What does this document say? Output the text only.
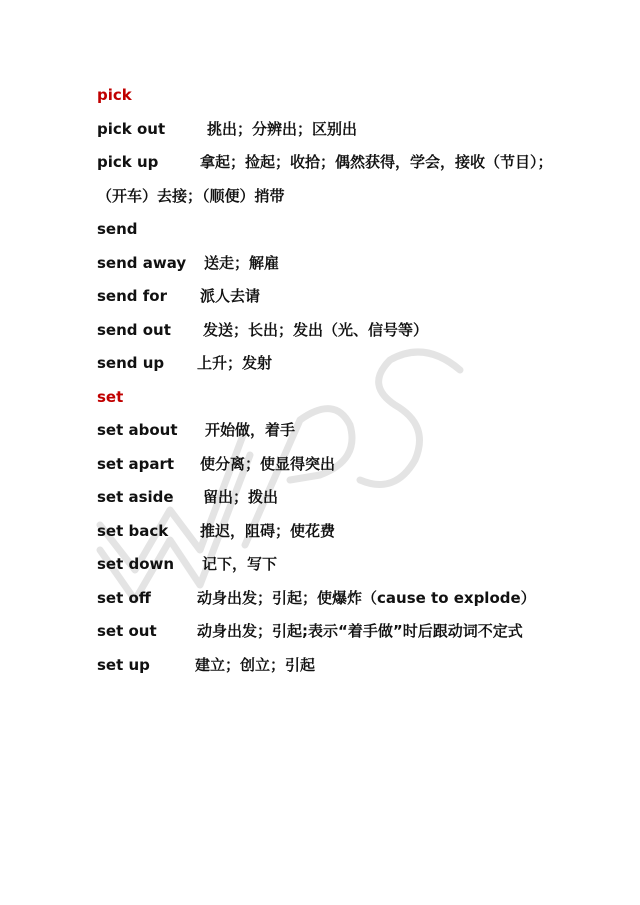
pick
pick out	挑出；分辨出；区别出
pick up	拿起；捡起；收拾；偶然获得，学会，接收（节目）；
（开车）去接；（顺便）捎带
send
send away 送走；解雇
send for 派人去请
send out 发送；长出；发出（光、信号等）
send up 上升；发射
set
set about 开始做，着手
set apart 使分离；使显得突出
set aside 留出；拨出
set back 推迟，阻碍；使花费
set down 记下，写下
set off	动身出发；引起；使爆炸（cause to explode）
set out	动身出发；引起;表示“着手做”时后跟动词不定式
set up	建立；创立；引起
